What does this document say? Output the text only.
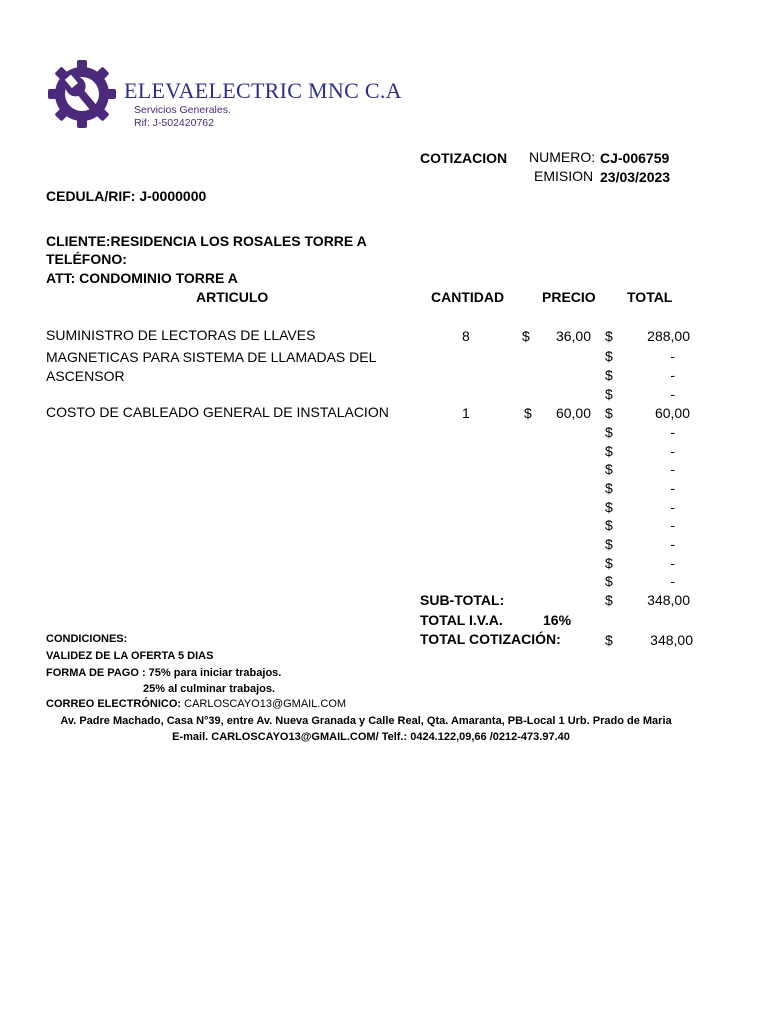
ELEVAELECTRIC MNC C.A
Servicios Generales.
Rif: J-502420762
COTIZACION NUMERO: CJ-006759
EMISION 23/03/2023
CEDULA/RIF: J-0000000
CLIENTE:RESIDENCIA LOS ROSALES TORRE A
TELÉFONO:
ATT: CONDOMINIO TORRE A
ARTICULO	CANTIDAD	PRECIO TOTAL
SUMINISTRO DE LECTORAS DE LLAVES
MAGNETICAS PARA SISTEMA DE LLAMADAS DEL
ASCENSOR
8	$	36,00 $	288,00
COSTO DE CABLEADO GENERAL DE INSTALACION	1	$	60,00 $	60,00
$	-
$	-
$	-
$	-
$	-
$	-
$	-
$	-
$	-
$	-
$	-
$	-
SUB-TOTAL:	$	348,00
TOTAL I.V.A.	16%
TOTAL COTIZACIÓN:	$	348,00
CONDICIONES:
VALIDEZ DE LA OFERTA 5 DIAS
FORMA DE PAGO : 75% para iniciar trabajos.
25% al culminar trabajos.
CORREO ELECTRÓNICO: CARLOSCAYO13@GMAIL.COM
Av. Padre Machado, Casa N°39, entre Av. Nueva Granada y Calle Real, Qta. Amaranta, PB-Local 1 Urb. Prado de Maria
E-mail. CARLOSCAYO13@GMAIL.COM/ Telf.: 0424.122,09,66 /0212-473.97.40
